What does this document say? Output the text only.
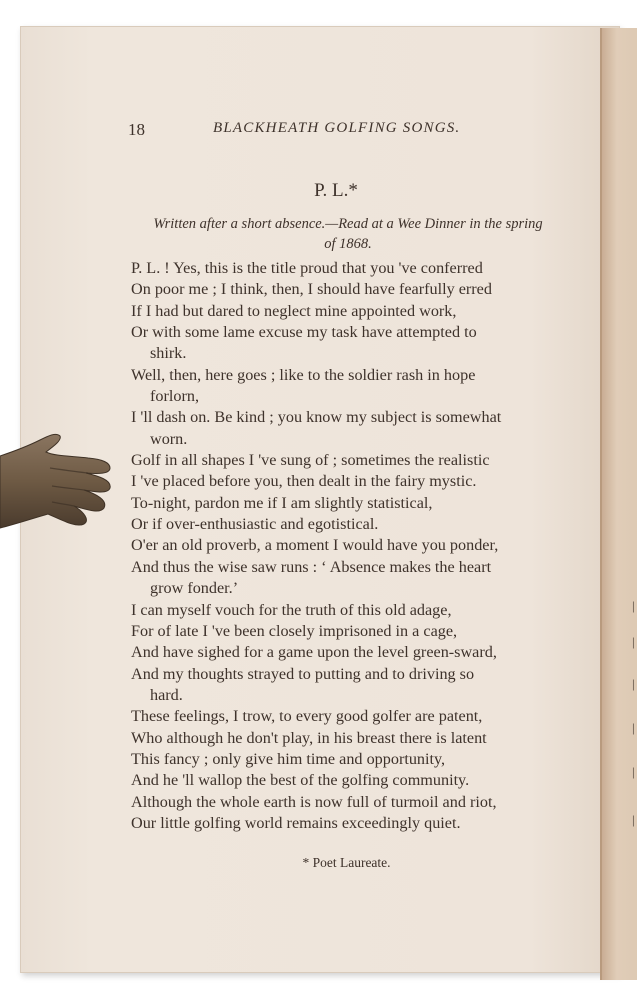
|
|
|
|
|
|
18	BLACKHEATH GOLFING SONGS.
P. L.*
Written after a short absence.—Read at a Wee Dinner in the spring of 1868.
P. L. ! Yes, this is the title proud that you 've conferred
On poor me ; I think, then, I should have fearfully erred
If I had but dared to neglect mine appointed work,
Or with some lame excuse my task have attempted to
shirk.
Well, then, here goes ; like to the soldier rash in hope
forlorn,
I 'll dash on. Be kind ; you know my subject is somewhat
worn.
Golf in all shapes I 've sung of ; sometimes the realistic
I 've placed before you, then dealt in the fairy mystic.
To-night, pardon me if I am slightly statistical,
Or if over-enthusiastic and egotistical.
O'er an old proverb, a moment I would have you ponder,
And thus the wise saw runs : ‘ Absence makes the heart
grow fonder.’
I can myself vouch for the truth of this old adage,
For of late I 've been closely imprisoned in a cage,
And have sighed for a game upon the level green-sward,
And my thoughts strayed to putting and to driving so
hard.
These feelings, I trow, to every good golfer are patent,
Who although he don't play, in his breast there is latent
This fancy ; only give him time and opportunity,
And he 'll wallop the best of the golfing community.
Although the whole earth is now full of turmoil and riot,
Our little golfing world remains exceedingly quiet.
* Poet Laureate.
